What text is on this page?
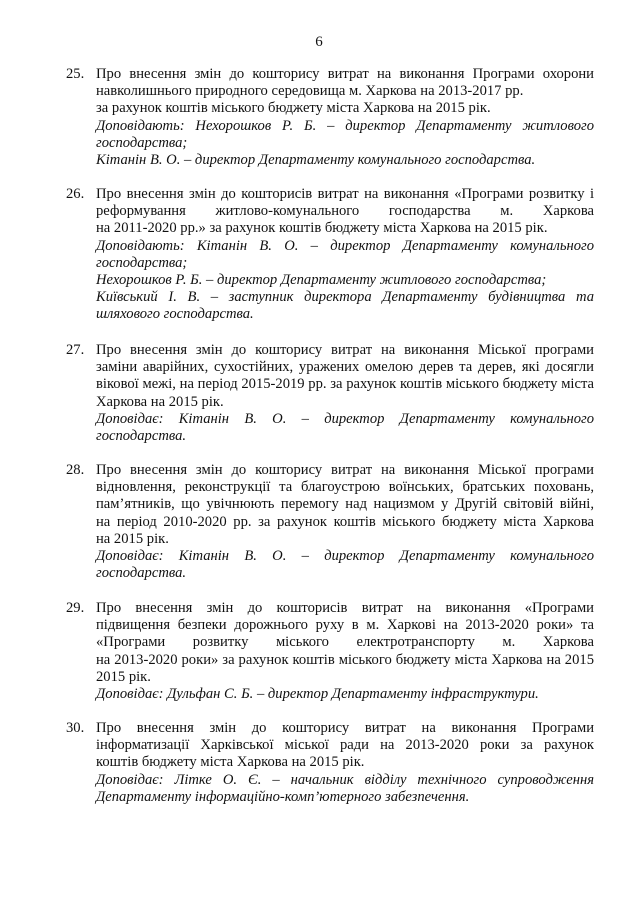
6
25. Про внесення змін до кошторису витрат на виконання Програми охорони
навколишнього природного середовища м. Харкова на 2013-2017 рр.
за рахунок коштів міського бюджету міста Харкова на 2015 рік.
Доповідають: Нехорошков Р. Б. – директор Департаменту житлового
господарства;
Кітанін В. О. – директор Департаменту комунального господарства.
26. Про внесення змін до кошторисів витрат на виконання «Програми розвитку і
реформування житлово-комунального господарства м. Харкова
на 2011-2020 рр.» за рахунок коштів бюджету міста Харкова на 2015 рік.
Доповідають: Кітанін В. О. – директор Департаменту комунального
господарства;
Нехорошков Р. Б. – директор Департаменту житлового господарства;
Київський І. В. – заступник директора Департаменту будівництва та
шляхового господарства.
27. Про внесення змін до кошторису витрат на виконання Міської програми
заміни аварійних, сухостійних, уражених омелою дерев та дерев, які досягли
вікової межі, на період 2015-2019 рр. за рахунок коштів міського бюджету міста
Харкова на 2015 рік.
Доповідає: Кітанін В. О. – директор Департаменту комунального
господарства.
28. Про внесення змін до кошторису витрат на виконання Міської програми
відновлення, реконструкції та благоустрою воїнських, братських поховань,
пам’ятників, що увічнюють перемогу над нацизмом у Другій світовій війні,
на період 2010-2020 рр. за рахунок коштів міського бюджету міста Харкова
на 2015 рік.
Доповідає: Кітанін В. О. – директор Департаменту комунального
господарства.
29. Про внесення змін до кошторисів витрат на виконання «Програми
підвищення безпеки дорожнього руху в м. Харкові на 2013-2020 роки» та
«Програми розвитку міського електротранспорту м. Харкова
на 2013-2020 роки» за рахунок коштів міського бюджету міста Харкова на 2015
2015 рік.
Доповідає: Дульфан С. Б. – директор Департаменту інфраструктури.
30. Про внесення змін до кошторису витрат на виконання Програми
інформатизації Харківської міської ради на 2013-2020 роки за рахунок
коштів бюджету міста Харкова на 2015 рік.
Доповідає: Літке О. Є. – начальник відділу технічного супроводження
Департаменту інформаційно-комп’ютерного забезпечення.
